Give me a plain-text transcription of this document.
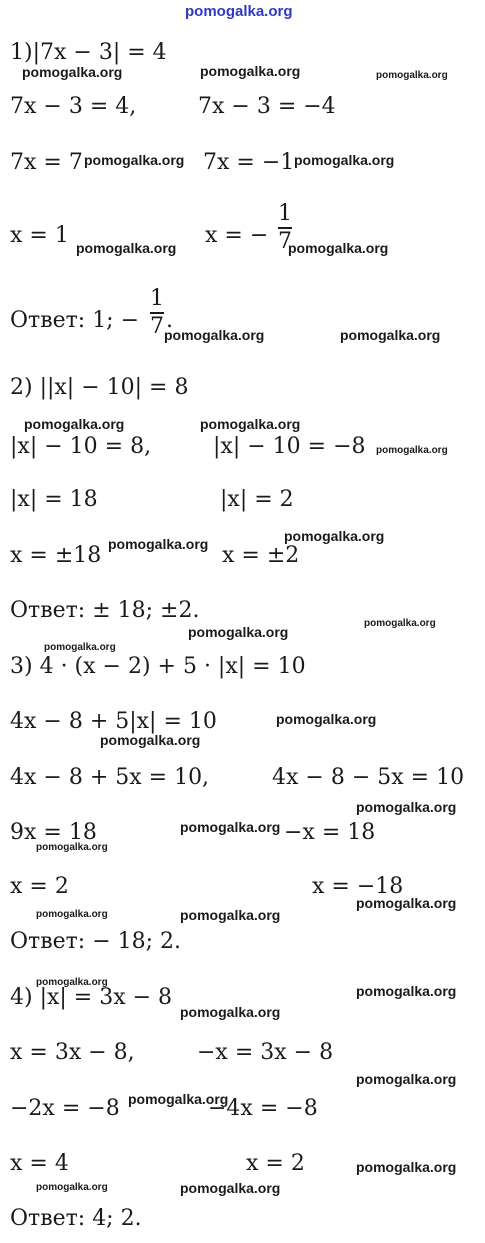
pomogalka.org
1)|7x − 3| = 4
pomogalka.org	pomogalka.org	pomogalka.org
7x − 3 = 4,	7x − 3 = −4
7x = 7 pomogalka.org 7x = −1 pomogalka.org
x = 1 pomogalka.org x = −
1
7
pomogalka.org
Ответ: 1; −
1
7 .
pomogalka.org	pomogalka.org
2) ||x| − 10| = 8
pomogalka.org	pomogalka.org
|x| − 10 = 8,	|x| − 10 = −8 pomogalka.org
|x| = 18	|x| = 2
pomogalka.org
x = ±18 pomogalka.org x = ±2
Ответ: ± 18; ±2.
pomogalka.org
pomogalka.org
pomogalka.org
3) 4 · (x − 2) + 5 · |x| = 10
4x − 8 + 5|x| = 10	pomogalka.org
pomogalka.org
4x − 8 + 5x = 10,	4x − 8 − 5x = 10
pomogalka.org
9x = 18	pomogalka.org −x = 18
pomogalka.org
x = 2	x = −18
pomogalka.org
pomogalka.org	pomogalka.org
Ответ: − 18; 2.
pomogalka.org
4) |x| = 3x − 8	pomogalka.org
pomogalka.org
x = 3x − 8,	−x = 3x − 8
pomogalka.org
−2x = −8 pomogalka.org
−4x = −8
x = 4	x = 2	pomogalka.org
pomogalka.org	pomogalka.org
Ответ: 4; 2.
